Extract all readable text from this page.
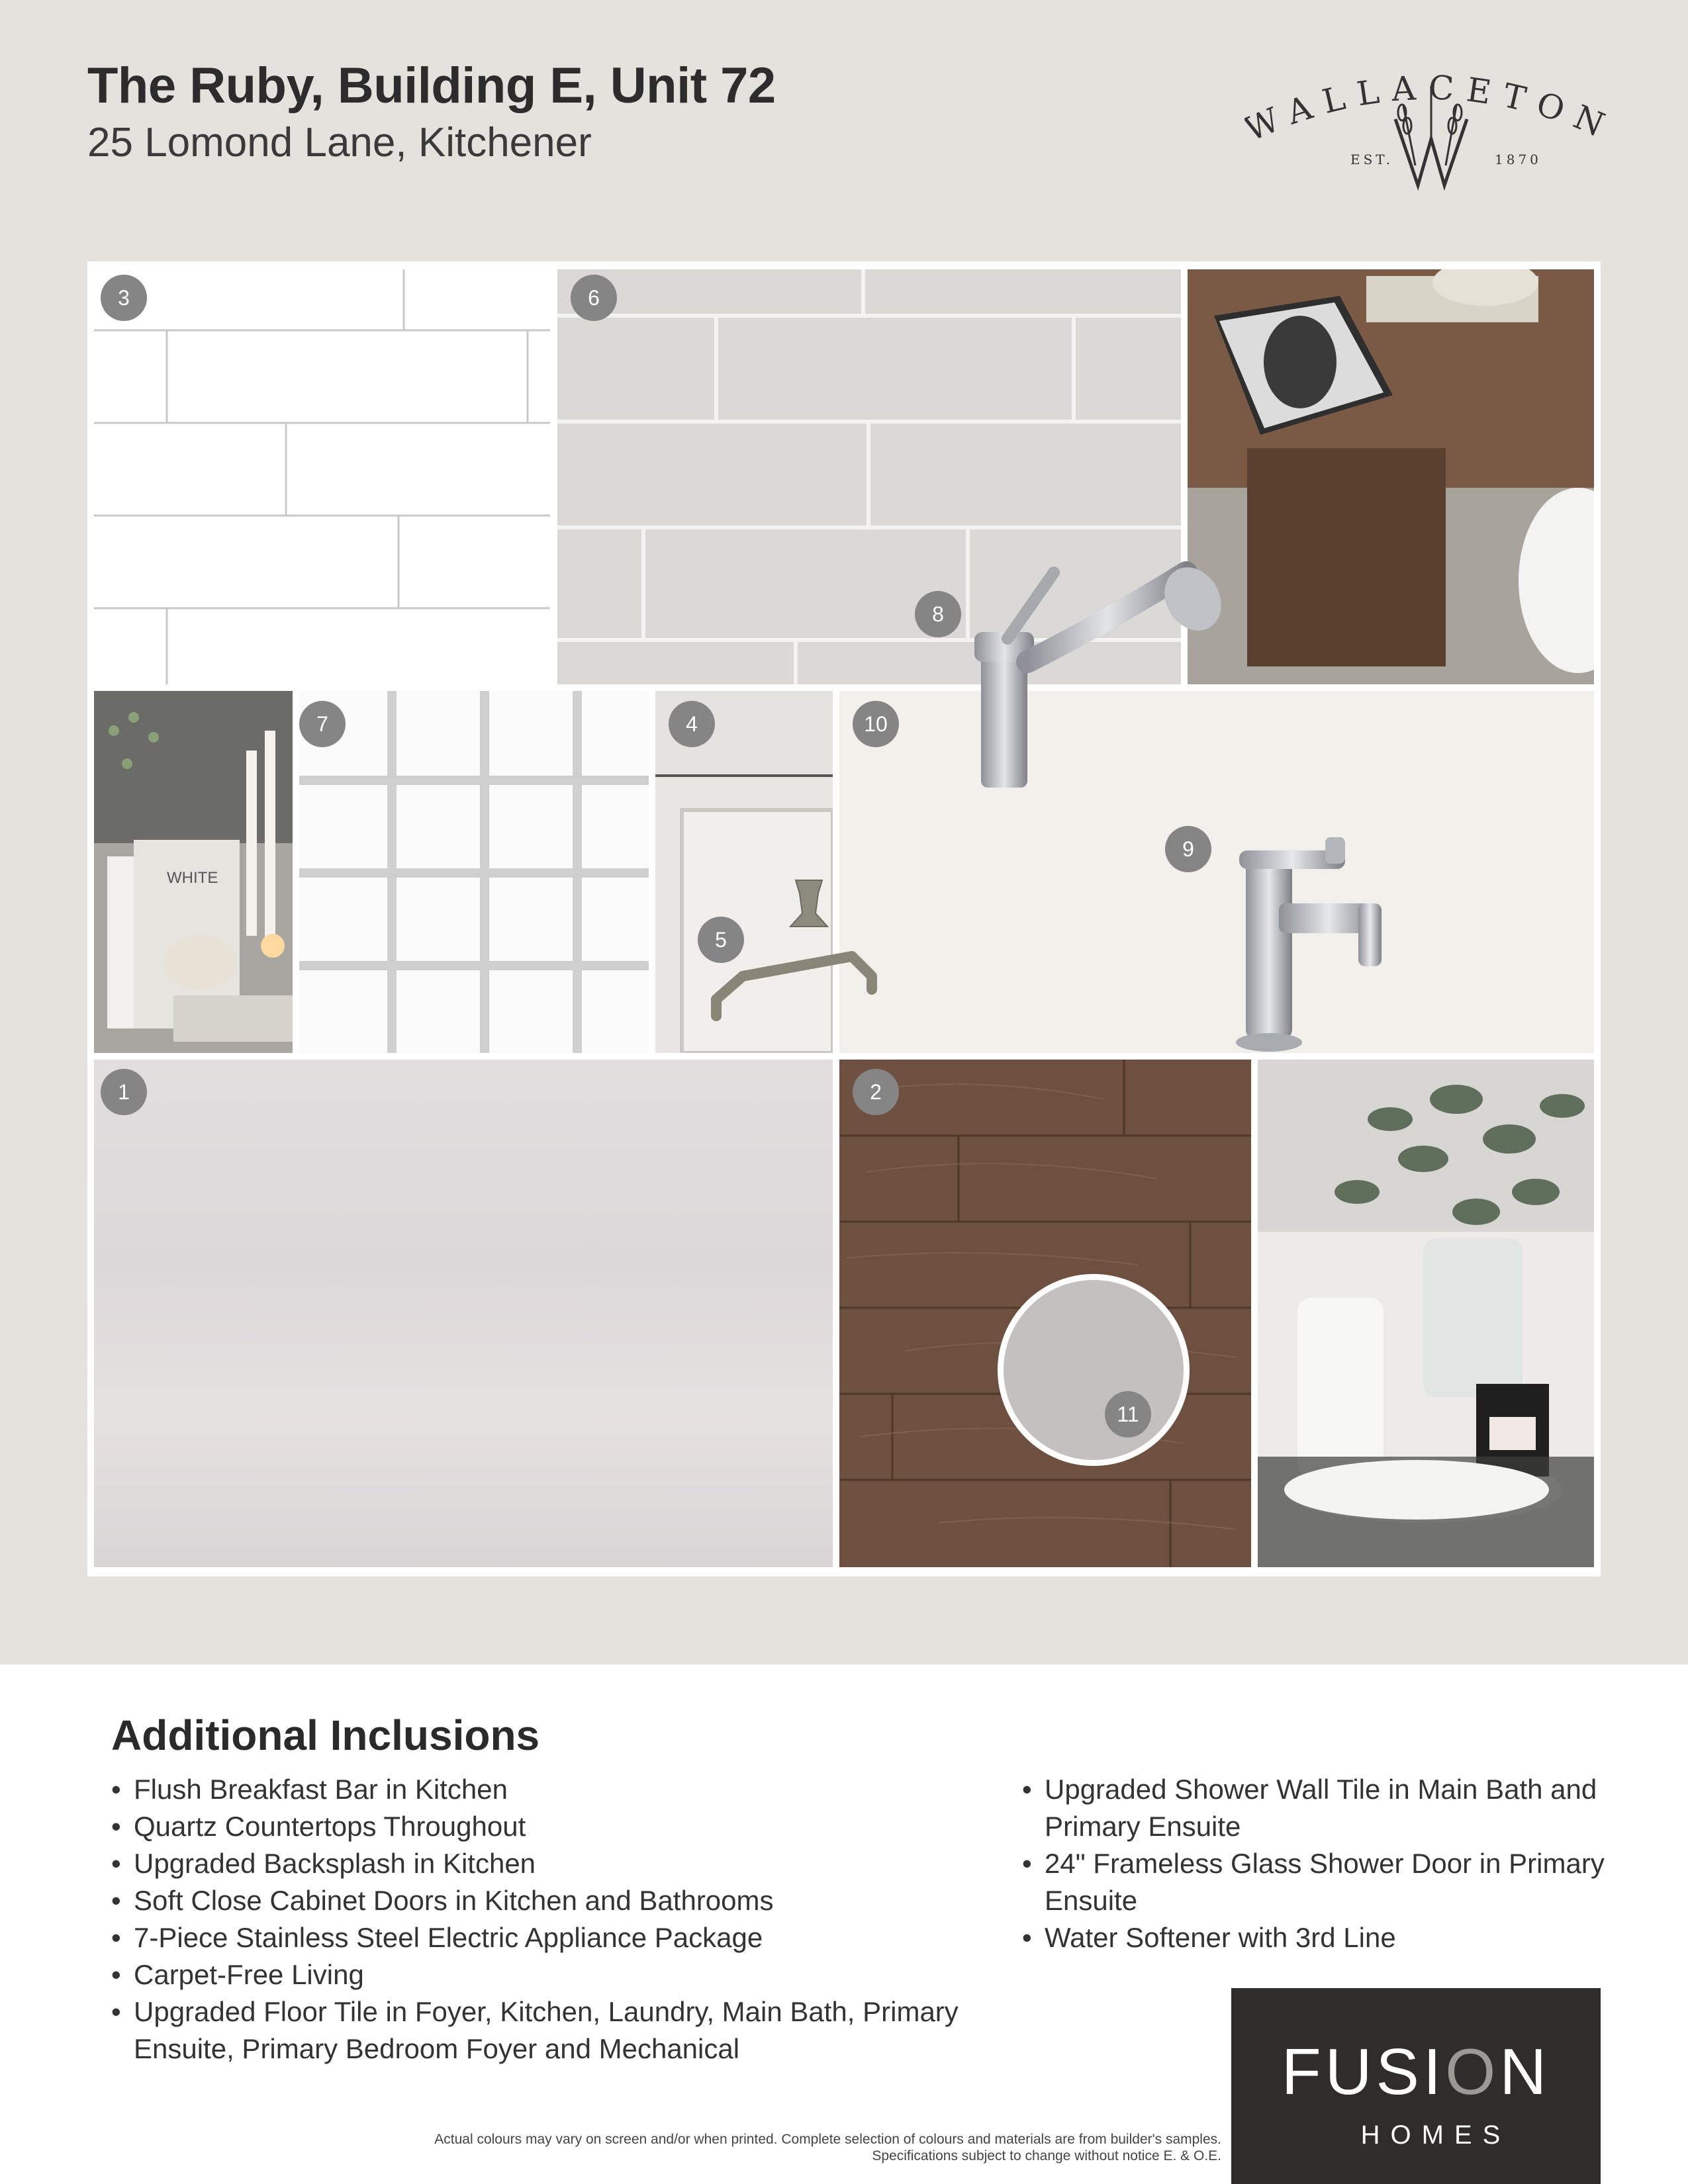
The Ruby, Building E, Unit 72
25 Lomond Lane, Kitchener
ALLACETO
EST.	1870
WHITE
3	6
8
7	4	10
9
5
1	2
11
Additional Inclusions
• Flush Breakfast Bar in Kitchen
• Quartz Countertops Throughout
• Upgraded Backsplash in Kitchen
• Soft Close Cabinet Doors in Kitchen and Bathrooms
• 7-Piece Stainless Steel Electric Appliance Package
• Carpet-Free Living
• Upgraded Floor Tile in Foyer, Kitchen, Laundry, Main Bath, Primary Ensuite, Primary Bedroom Foyer and Mechanical
• Upgraded Shower Wall Tile in Main Bath and Primary Ensuite
• 24" Frameless Glass Shower Door in Primary Ensuite
• Water Softener with 3rd Line
Actual colours may vary on screen and/or when printed. Complete selection of colours and materials are from builder's samples.
Specifications subject to change without notice E. & O.E.
FUSION
HOMES
